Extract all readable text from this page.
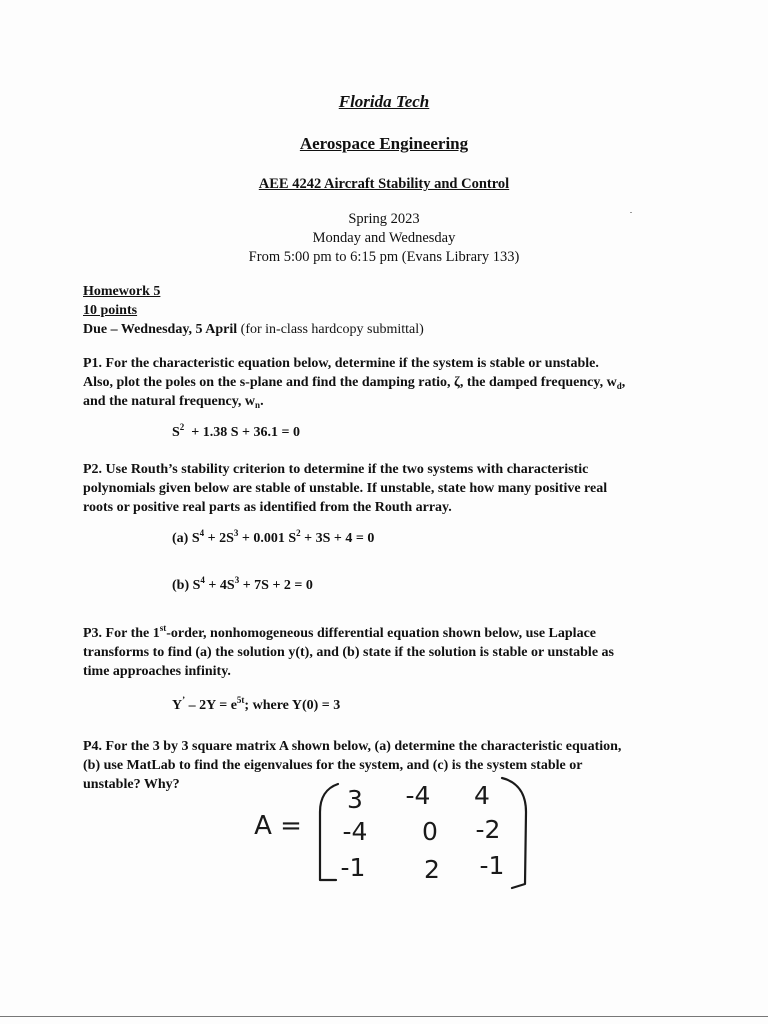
Florida Tech
Aerospace Engineering
AEE 4242 Aircraft Stability and Control
Spring 2023
Monday and Wednesday
From 5:00 pm to 6:15 pm (Evans Library 133)
Homework 5
10 points
Due – Wednesday, 5 April (for in-class hardcopy submittal)
P1. For the characteristic equation below, determine if the system is stable or unstable.
Also, plot the poles on the s-plane and find the damping ratio, ζ, the damped frequency, $w_d$,
and the natural frequency, $w_n$.
$S^2 + 1.38$ S + 36.1 = 0
P2. Use Routh’s stability criterion to determine if the two systems with characteristic
polynomials given below are stable of unstable. If unstable, state how many positive real
roots or positive real parts as identified from the Routh array.
(a) $S^4 + 2S^3 + 0.001$ $S^2 + 3S + 4 = 0$
(b) $S^4 + 4S^3 + 7S + 2 = 0$
P3. For the 1st-order, nonhomogeneous differential equation shown below, use Laplace
transforms to find (a) the solution y(t), and (b) state if the solution is stable or unstable as
time approaches infinity.
$Y^’ - 2Y = e^{5t}$; where Y(0) = 3
P4. For the 3 by 3 square matrix A shown below, (a) determine the characteristic equation,
(b) use MatLab to find the eigenvalues for the system, and (c) is the system stable or
unstable? Why?
A =
3 -4 4
-4 0 -2
-1 2 -1
